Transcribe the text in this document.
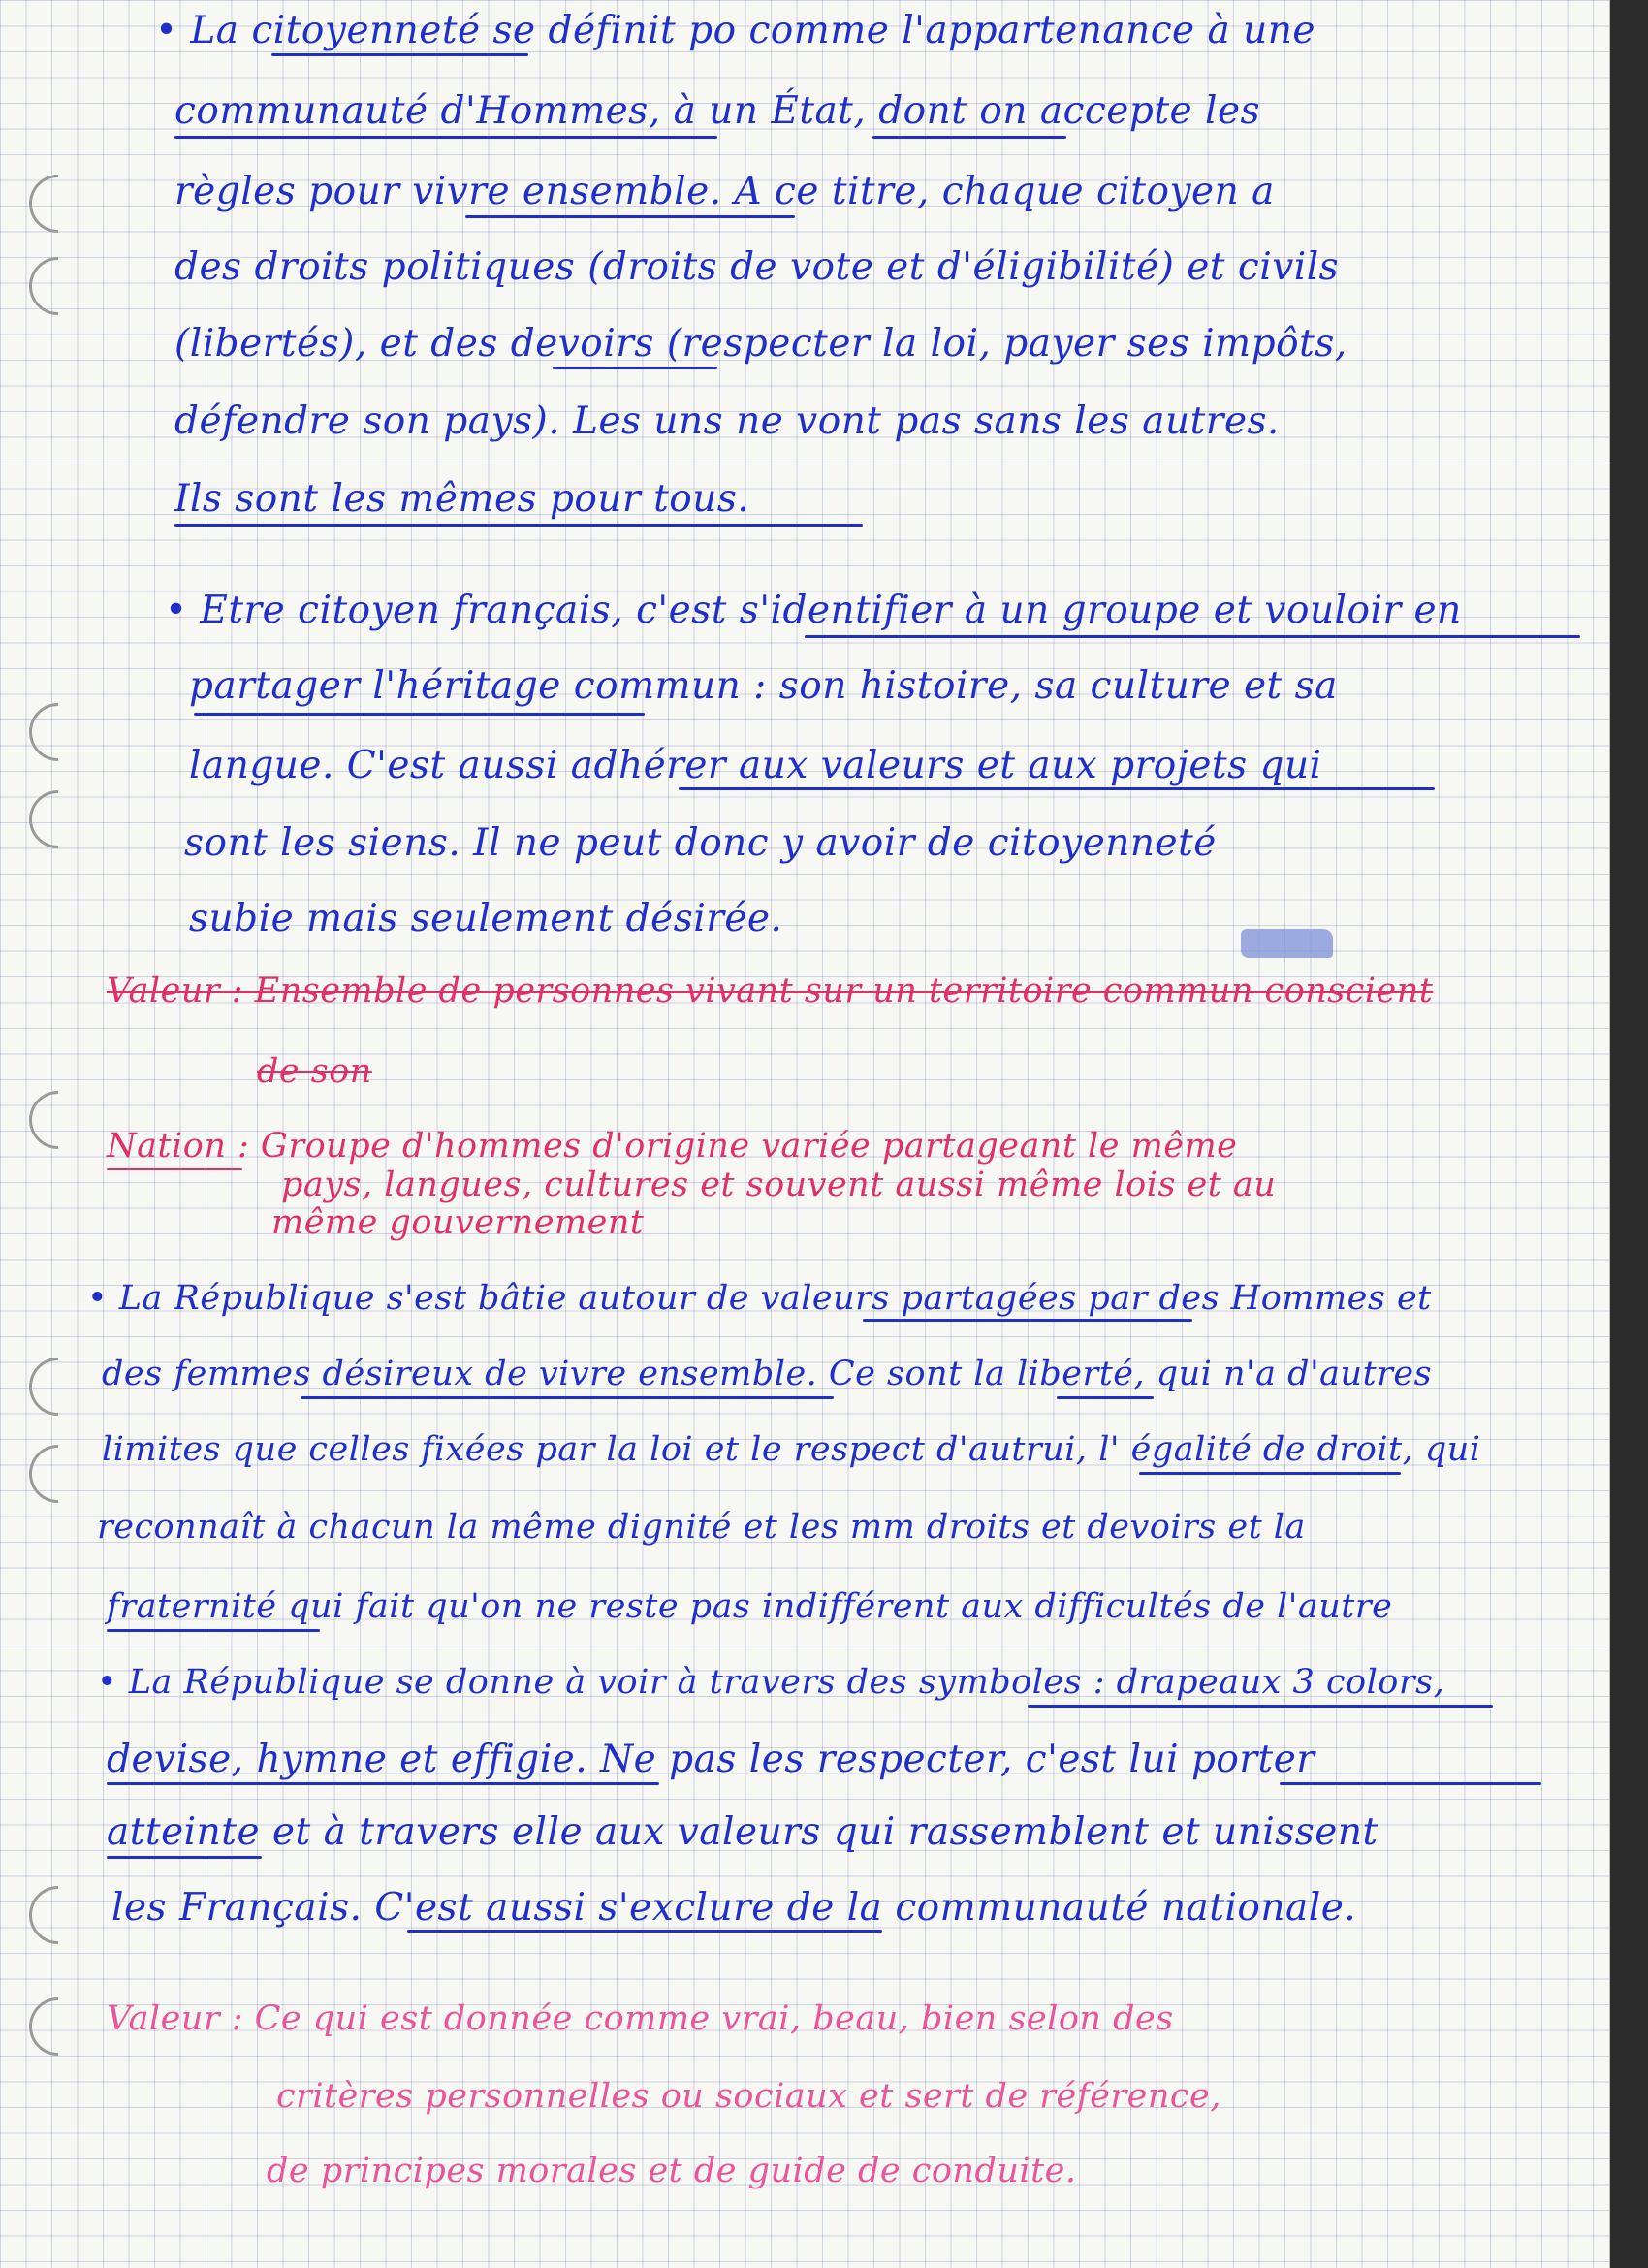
• La citoyenneté se définit po comme l'appartenance à une
communauté d'Hommes, à un État, dont on accepte les
règles pour vivre ensemble. A ce titre, chaque citoyen a
des droits politiques (droits de vote et d'éligibilité) et civils
(libertés), et des devoirs (respecter la loi, payer ses impôts,
défendre son pays). Les uns ne vont pas sans les autres.
Ils sont les mêmes pour tous.
• Etre citoyen français, c'est s'identifier à un groupe et vouloir en
partager l'héritage commun : son histoire, sa culture et sa
langue. C'est aussi adhérer aux valeurs et aux projets qui
sont les siens. Il ne peut donc y avoir de citoyenneté
subie mais seulement désirée.
Valeur : Ensemble de personnes vivant sur un territoire commun conscient
de son
Nation : Groupe d'hommes d'origine variée partageant le même
pays, langues, cultures et souvent aussi même lois et au
même gouvernement
• La République s'est bâtie autour de valeurs partagées par des Hommes et
des femmes désireux de vivre ensemble. Ce sont la liberté, qui n'a d'autres
limites que celles fixées par la loi et le respect d'autrui, l' égalité de droit, qui
reconnaît à chacun la même dignité et les mm droits et devoirs et la
fraternité qui fait qu'on ne reste pas indifférent aux difficultés de l'autre
• La République se donne à voir à travers des symboles : drapeaux 3 colors,
devise, hymne et effigie. Ne pas les respecter, c'est lui porter
atteinte et à travers elle aux valeurs qui rassemblent et unissent
les Français. C'est aussi s'exclure de la communauté nationale.
Valeur : Ce qui est donnée comme vrai, beau, bien selon des
critères personnelles ou sociaux et sert de référence,
de principes morales et de guide de conduite.
